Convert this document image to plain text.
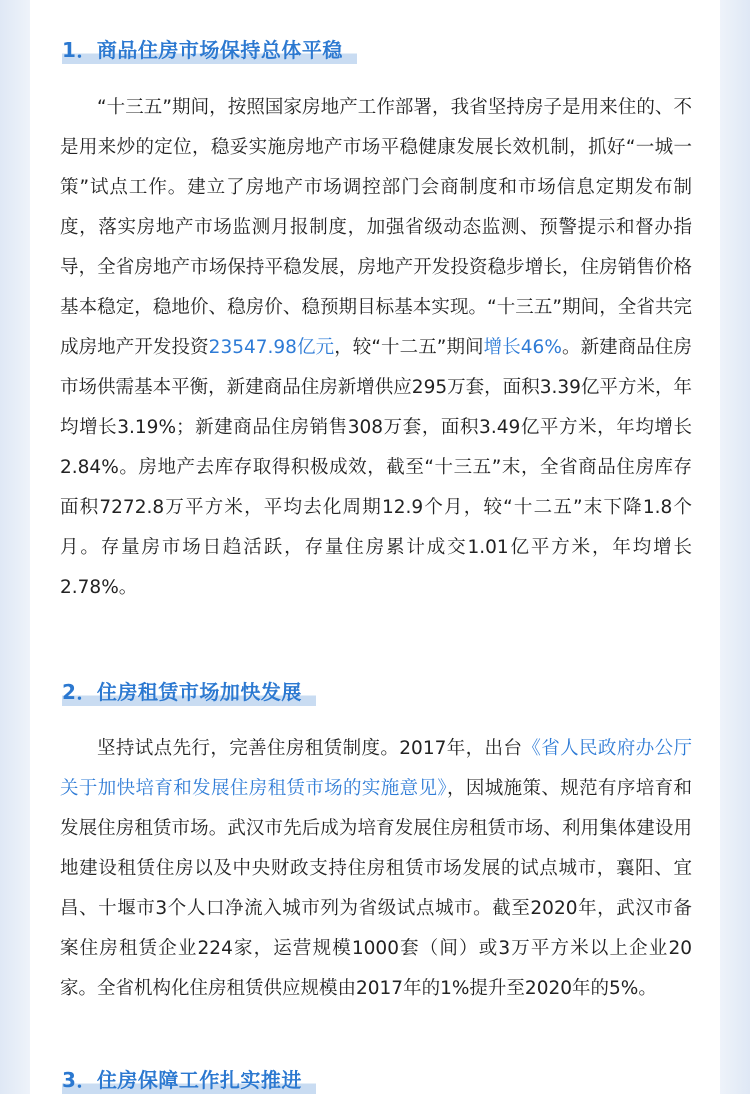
1．商品住房市场保持总体平稳

“十三五”期间，按照国家房地产工作部署，我省坚持房子是用来住的、不是用来炒的定位，稳妥实施房地产市场平稳健康发展长效机制，抓好“一城一策”试点工作。建立了房地产市场调控部门会商制度和市场信息定期发布制度，落实房地产市场监测月报制度，加强省级动态监测、预警提示和督办指导，全省房地产市场保持平稳发展，房地产开发投资稳步增长，住房销售价格基本稳定，稳地价、稳房价、稳预期目标基本实现。“十三五”期间，全省共完成房地产开发投资23547.98亿元，较“十二五”期间增长46%。新建商品住房市场供需基本平衡，新建商品住房新增供应295万套，面积3.39亿平方米，年均增长3.19%；新建商品住房销售308万套，面积3.49亿平方米，年均增长2.84%。房地产去库存取得积极成效，截至“十三五”末，全省商品住房库存面积7272.8万平方米，平均去化周期12.9个月，较“十二五”末下降1.8个月。存量房市场日趋活跃，存量住房累计成交1.01亿平方米，年均增长2.78%。

2．住房租赁市场加快发展

坚持试点先行，完善住房租赁制度。2017年，出台《省人民政府办公厅关于加快培育和发展住房租赁市场的实施意见》，因城施策、规范有序培育和发展住房租赁市场。武汉市先后成为培育发展住房租赁市场、利用集体建设用地建设租赁住房以及中央财政支持住房租赁市场发展的试点城市，襄阳、宜昌、十堰市3个人口净流入城市列为省级试点城市。截至2020年，武汉市备案住房租赁企业224家，运营规模1000套（间）或3万平方米以上企业20家。全省机构化住房租赁供应规模由2017年的1%提升至2020年的5%。

3．住房保障工作扎实推进
